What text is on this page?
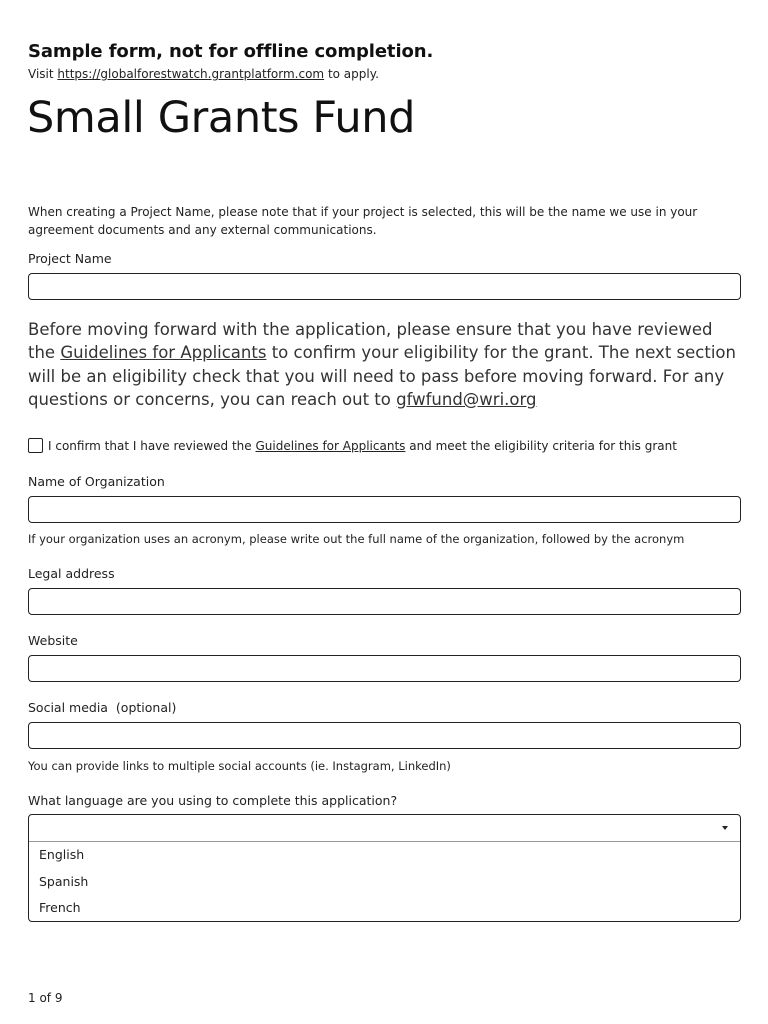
Sample form, not for offline completion.
Visit https://globalforestwatch.grantplatform.com to apply.
Small Grants Fund
When creating a Project Name, please note that if your project is selected, this will be the name we use in your agreement documents and any external communications.
Project Name
Before moving forward with the application, please ensure that you have reviewed the Guidelines for Applicants to confirm your eligibility for the grant. The next section will be an eligibility check that you will need to pass before moving forward. For any questions or concerns, you can reach out to gfwfund@wri.org
I confirm that I have reviewed the Guidelines for Applicants and meet the eligibility criteria for this grant
Name of Organization
If your organization uses an acronym, please write out the full name of the organization, followed by the acronym
Legal address
Website
Social media  (optional)
You can provide links to multiple social accounts (ie. Instagram, LinkedIn)
What language are you using to complete this application?
English
Spanish
French
1 of 9
